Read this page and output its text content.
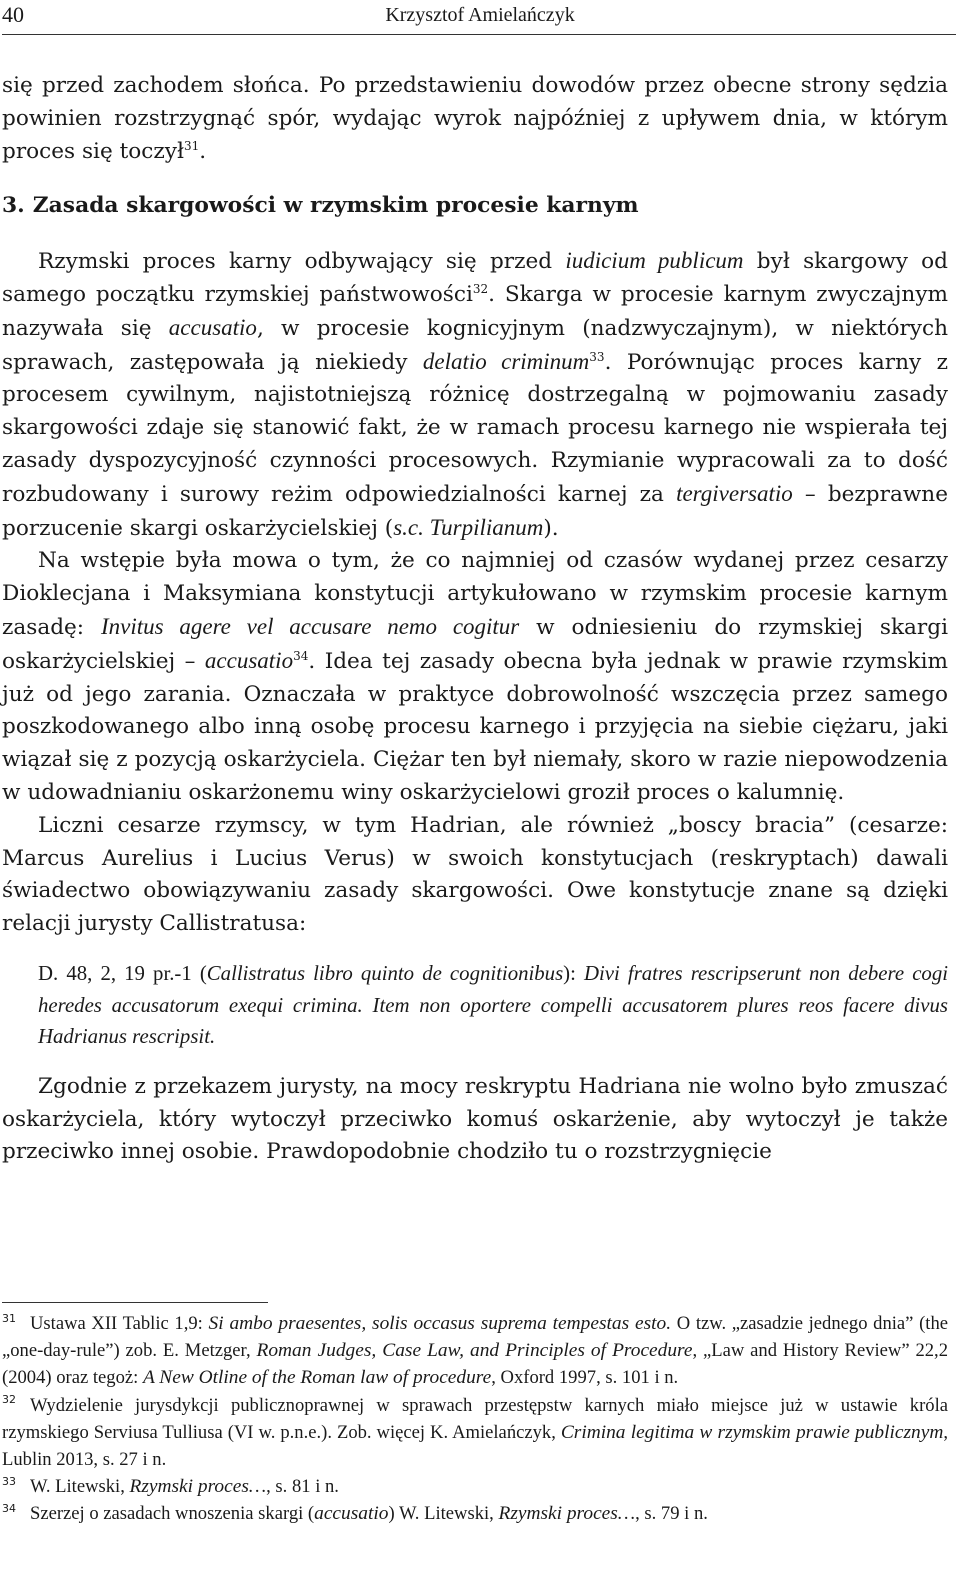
40	Krzysztof Amielańczyk

się przed zachodem słońca. Po przedstawieniu dowodów przez obecne strony sędzia powinien rozstrzygnąć spór, wydając wyrok najpóźniej z upływem dnia, w którym proces się toczył$^{31}$.

3. Zasada skargowości w rzymskim procesie karnym

Rzymski proces karny odbywający się przed iudicium publicum był skargowy od samego początku rzymskiej państwowości$^{32}$. Skarga w procesie karnym zwyczajnym nazywała się accusatio, w procesie kognicyjnym (nadzwyczajnym), w niektórych sprawach, zastępowała ją niekiedy delatio criminum$^{33}$. Porównując proces karny z procesem cywilnym, najistotniejszą różnicę dostrzegalną w pojmowaniu zasady skargowości zdaje się stanowić fakt, że w ramach procesu karnego nie wspierała tej zasady dyspozycyjność czynności procesowych. Rzymianie wypracowali za to dość rozbudowany i surowy reżim odpowiedzialności karnej za tergiversatio – bezprawne porzucenie skargi oskarżycielskiej (s.c. Turpilianum).

Na wstępie była mowa o tym, że co najmniej od czasów wydanej przez cesarzy Dioklecjana i Maksymiana konstytucji artykułowano w rzymskim procesie karnym zasadę: Invitus agere vel accusare nemo cogitur w odniesieniu do rzymskiej skargi oskarżycielskiej – accusatio$^{34}$. Idea tej zasady obecna była jednak w prawie rzymskim już od jego zarania. Oznaczała w praktyce dobrowolność wszczęcia przez samego poszkodowanego albo inną osobę procesu karnego i przyjęcia na siebie ciężaru, jaki wiązał się z pozycją oskarżyciela. Ciężar ten był niemały, skoro w razie niepowodzenia w udowadnianiu oskarżonemu winy oskarżycielowi groził proces o kalumnię.

Liczni cesarze rzymscy, w tym Hadrian, ale również „boscy bracia” (cesarze: Marcus Aurelius i Lucius Verus) w swoich konstytucjach (reskryptach) dawali świadectwo obowiązywaniu zasady skargowości. Owe konstytucje znane są dzięki relacji jurysty Callistratusa:

D. 48, 2, 19 pr.-1 (Callistratus libro quinto de cognitionibus): Divi fratres rescripserunt non debere cogi heredes accusatorum exequi crimina. Item non oportere compelli accusatorem plures reos facere divus Hadrianus rescripsit.

Zgodnie z przekazem jurysty, na mocy reskryptu Hadriana nie wolno było zmuszać oskarżyciela, który wytoczył przeciwko komuś oskarżenie, aby wytoczył je także przeciwko innej osobie. Prawdopodobnie chodziło tu o rozstrzygnięcie

$^{31}$ Ustawa XII Tablic 1,9: Si ambo praesentes, solis occasus suprema tempestas esto. O tzw. „zasadzie jednego dnia” (the „one-day-rule”) zob. E. Metzger, Roman Judges, Case Law, and Principles of Procedure, „Law and History Review” 22,2 (2004) oraz tegoż: A New Otline of the Roman law of procedure, Oxford 1997, s. 101 i n.

$^{32}$ Wydzielenie jurysdykcji publicznoprawnej w sprawach przestępstw karnych miało miejsce już w ustawie króla rzymskiego Serviusa Tulliusa (VI w. p.n.e.). Zob. więcej K. Amielańczyk, Crimina legitima w rzymskim prawie publicznym, Lublin 2013, s. 27 i n.

$^{33}$ W. Litewski, Rzymski proces…, s. 81 i n.

$^{34}$ Szerzej o zasadach wnoszenia skargi (accusatio) W. Litewski, Rzymski proces…, s. 79 i n.
